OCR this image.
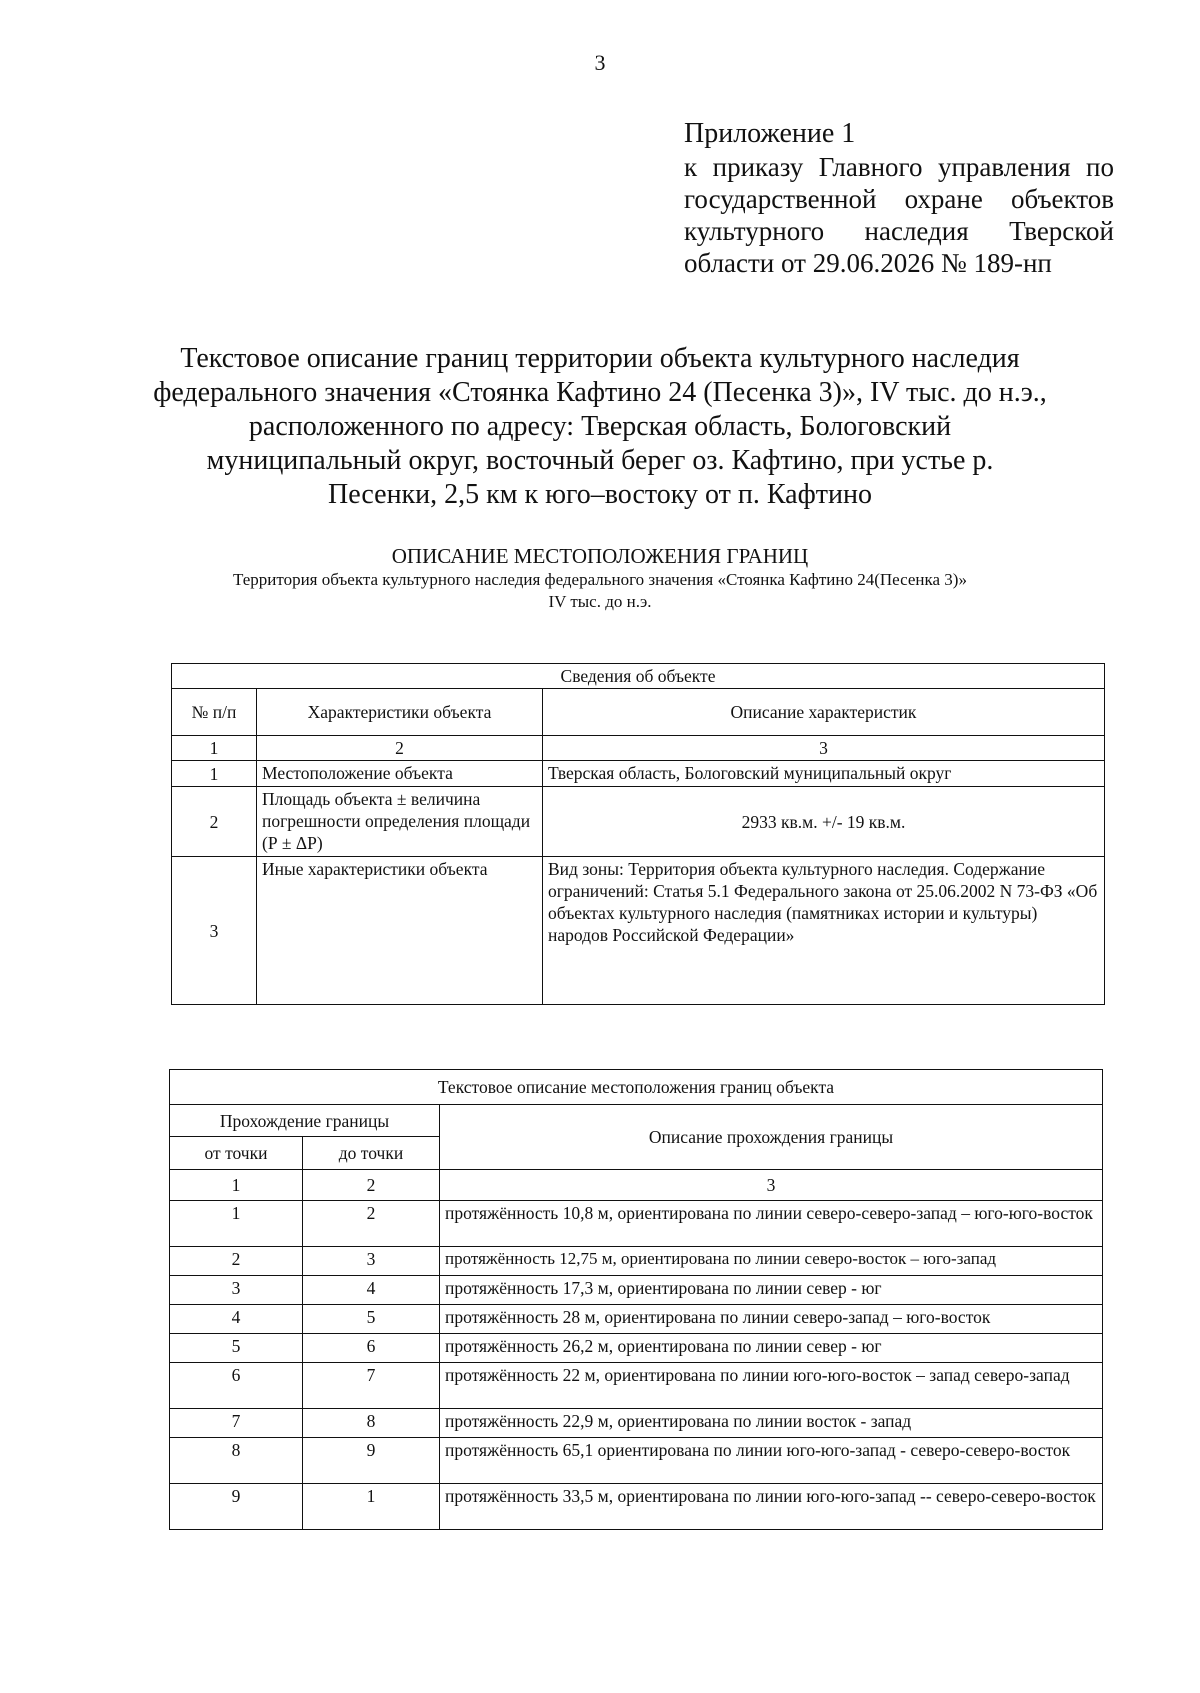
3
Приложение 1
к приказу Главного управления по государственной охране объектов культурного наследия Тверской области от 29.06.2026 № 189-нп
Текстовое описание границ территории объекта культурного наследия федерального значения «Стоянка Кафтино 24 (Песенка 3)», IV тыс. до н.э., расположенного по адресу: Тверская область, Бологовский муниципальный округ, восточный берег оз. Кафтино, при устье р. Песенки, 2,5 км к юго–востоку от п. Кафтино
ОПИСАНИЕ МЕСТОПОЛОЖЕНИЯ ГРАНИЦ
Территория объекта культурного наследия федерального значения «Стоянка Кафтино 24(Песенка 3)»
IV тыс. до н.э.
Сведения об объекте		
№ п/п	Характеристики объекта	Описание характеристик
1	2	3
1	Местоположение объекта	Тверская область, Бологовский муниципальный округ
2	Площадь объекта ± величина погрешности определения площади (Р ± ΔР)	2933 кв.м. +/- 19 кв.м.
3	Иные характеристики объекта	Вид зоны: Территория объекта культурного наследия. Содержание ограничений: Статья 5.1 Федерального закона от 25.06.2002 N 73-ФЗ «Об объектах культурного наследия (памятниках истории и культуры) народов Российской Федерации»
Текстовое описание местоположения границ объекта		
Прохождение границы		Описание прохождения границы
от точки	до точки	
1	2	3
1	2	протяжённость 10,8 м, ориентирована по линии северо-северо-запад – юго-юго-восток
2	3	протяжённость 12,75 м, ориентирована по линии северо-восток – юго-запад
3	4	протяжённость 17,3 м, ориентирована по линии север - юг
4	5	протяжённость 28 м, ориентирована по линии северо-запад – юго-восток
5	6	протяжённость 26,2 м, ориентирована по линии север - юг
6	7	протяжённость 22 м, ориентирована по линии юго-юго-восток – запад северо-запад
7	8	протяжённость 22,9 м, ориентирована по линии восток - запад
8	9	протяжённость 65,1 ориентирована по линии юго-юго-запад - северо-северо-восток
9	1	протяжённость 33,5 м, ориентирована по линии юго-юго-запад -- северо-северо-восток
